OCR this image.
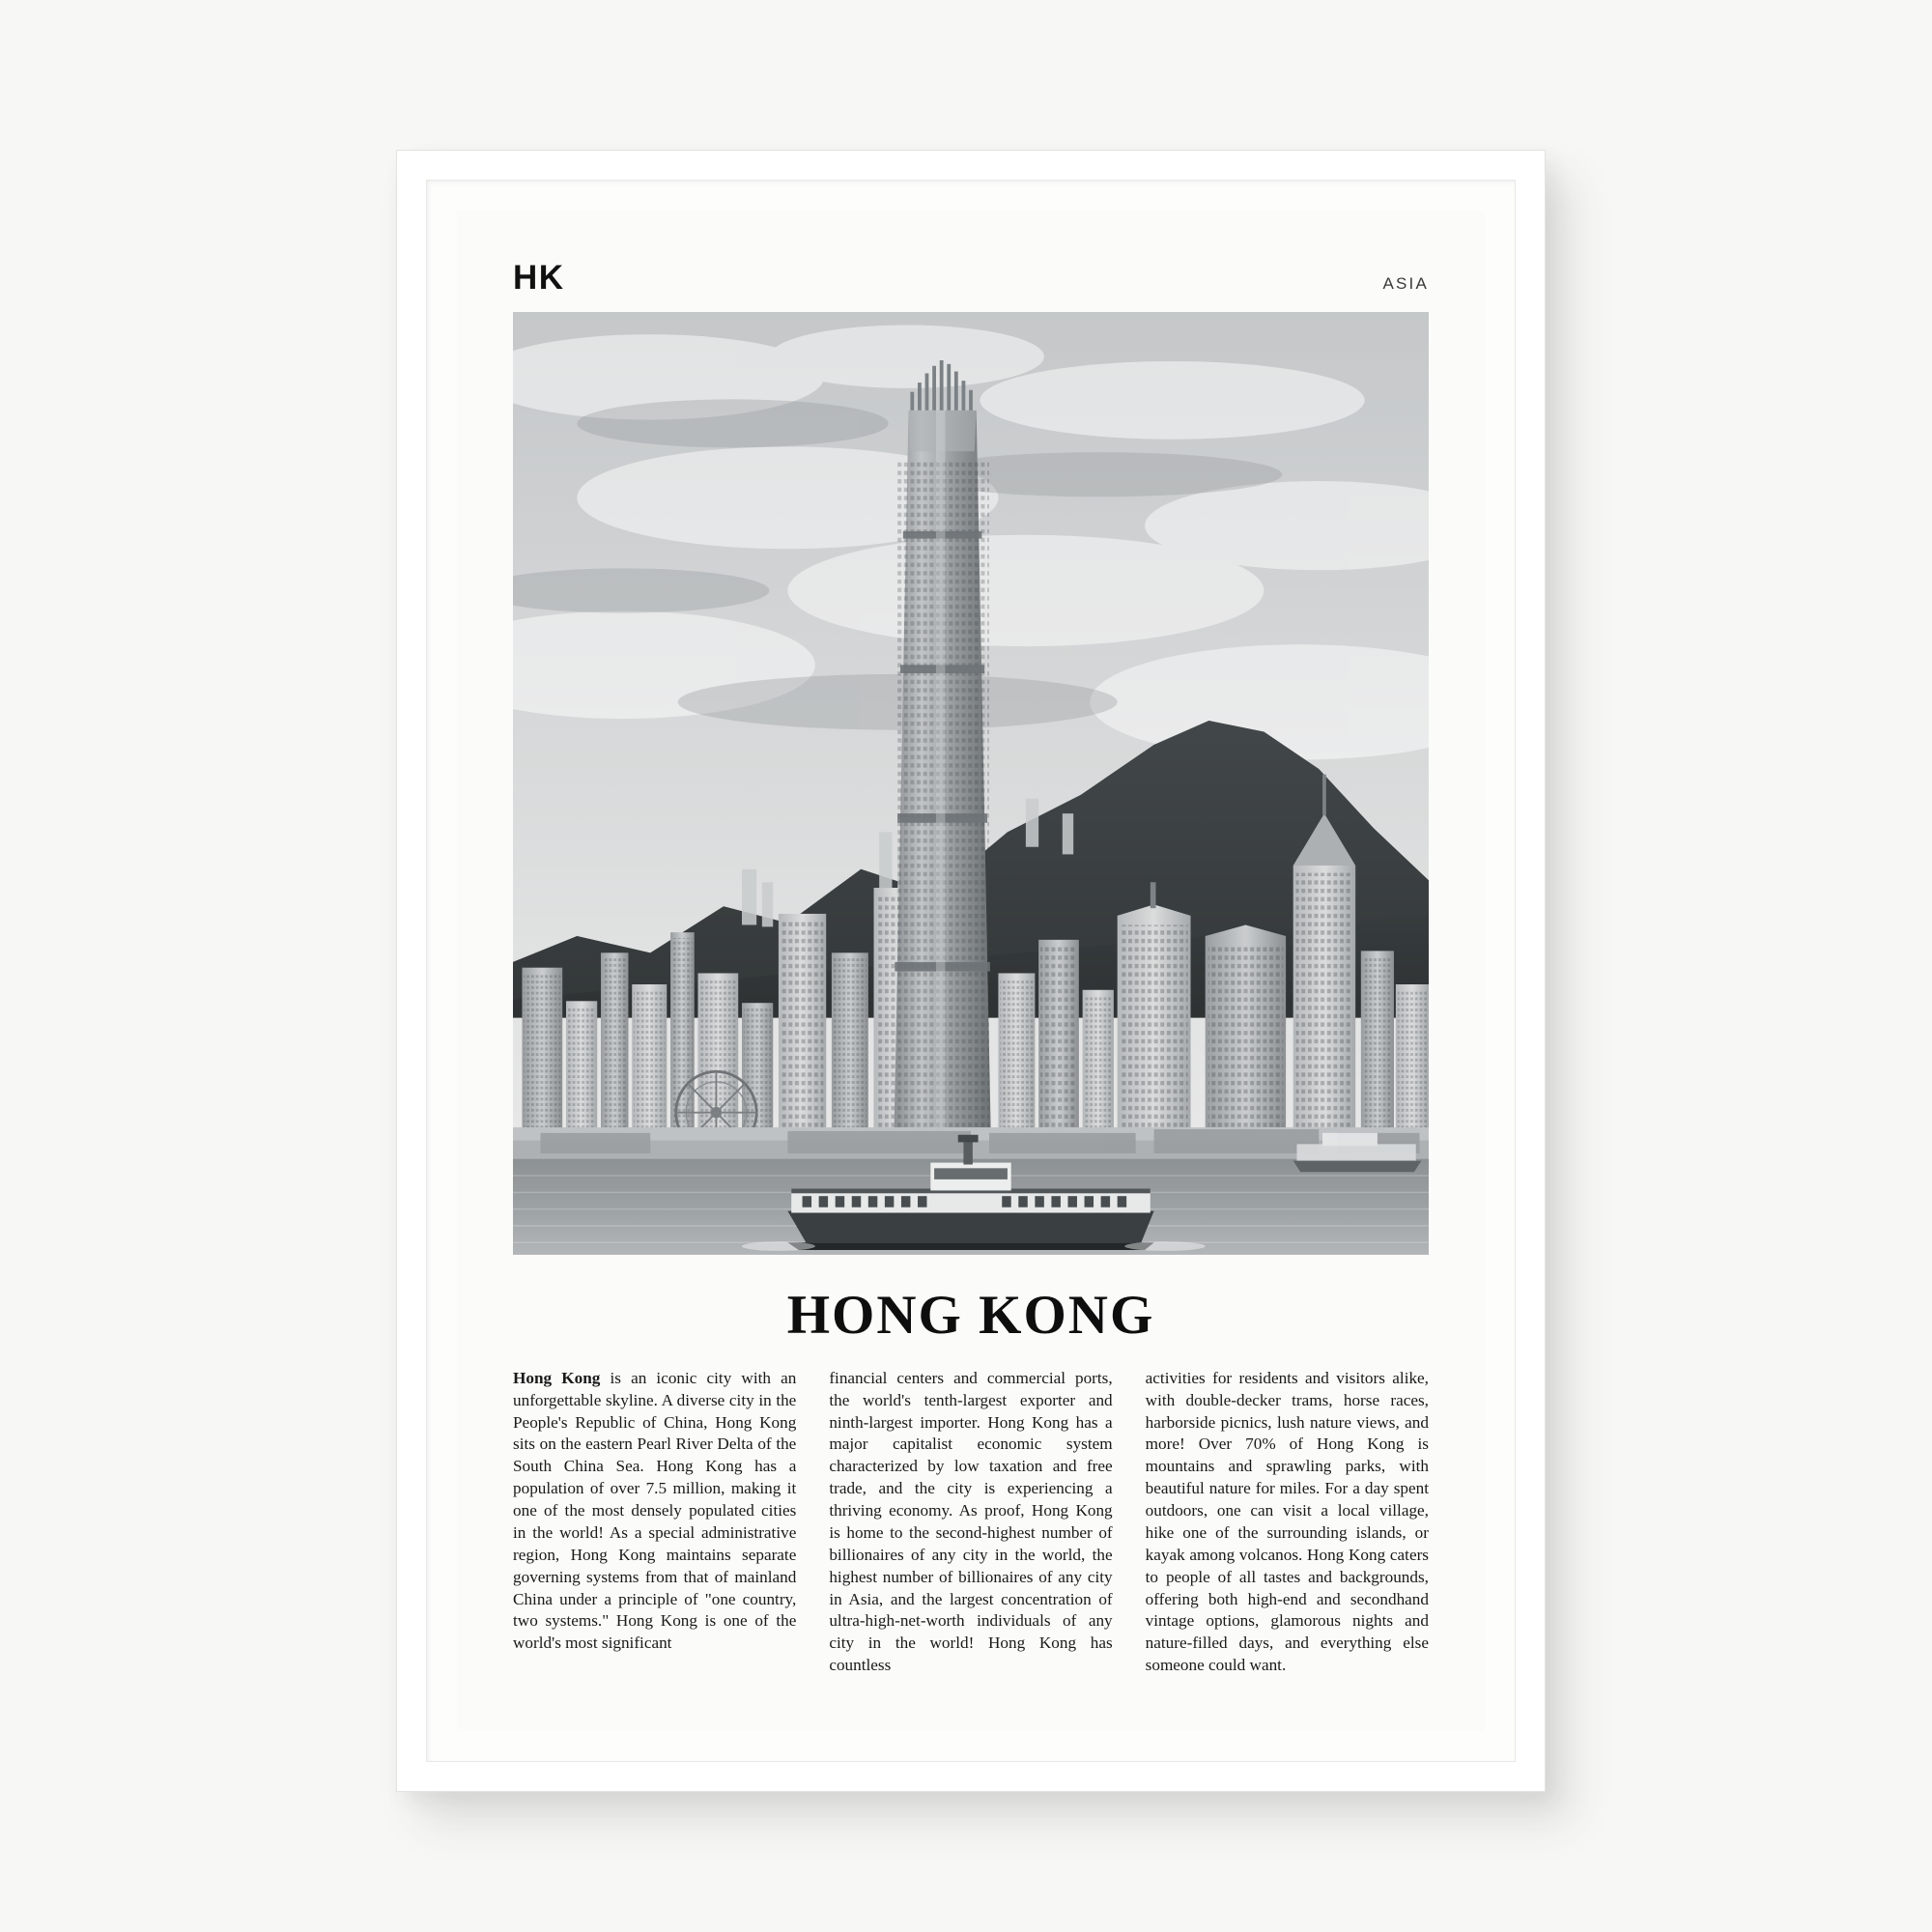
HK	ASIA
HONG KONG
Hong Kong is an iconic city with an unforgettable skyline. A diverse city in the People's Republic of China, Hong Kong sits on the eastern Pearl River Delta of the South China Sea. Hong Kong has a population of over 7.5 million, making it one of the most densely populated cities in the world! As a special administrative region, Hong Kong maintains separate governing systems from that of mainland China under a principle of "one country, two systems." Hong Kong is one of the world's most significant
financial centers and commercial ports, the world's tenth-largest exporter and ninth-largest importer. Hong Kong has a major capitalist economic system characterized by low taxation and free trade, and the city is experiencing a thriving economy. As proof, Hong Kong is home to the second-highest number of billionaires of any city in the world, the highest number of billionaires of any city in Asia, and the largest concentration of ultra-high-net-worth individuals of any city in the world! Hong Kong has countless
activities for residents and visitors alike, with double-decker trams, horse races, harborside picnics, lush nature views, and more! Over 70% of Hong Kong is mountains and sprawling parks, with beautiful nature for miles. For a day spent outdoors, one can visit a local village, hike one of the surrounding islands, or kayak among volcanos. Hong Kong caters to people of all tastes and backgrounds, offering both high-end and secondhand vintage options, glamorous nights and nature-filled days, and everything else someone could want.
